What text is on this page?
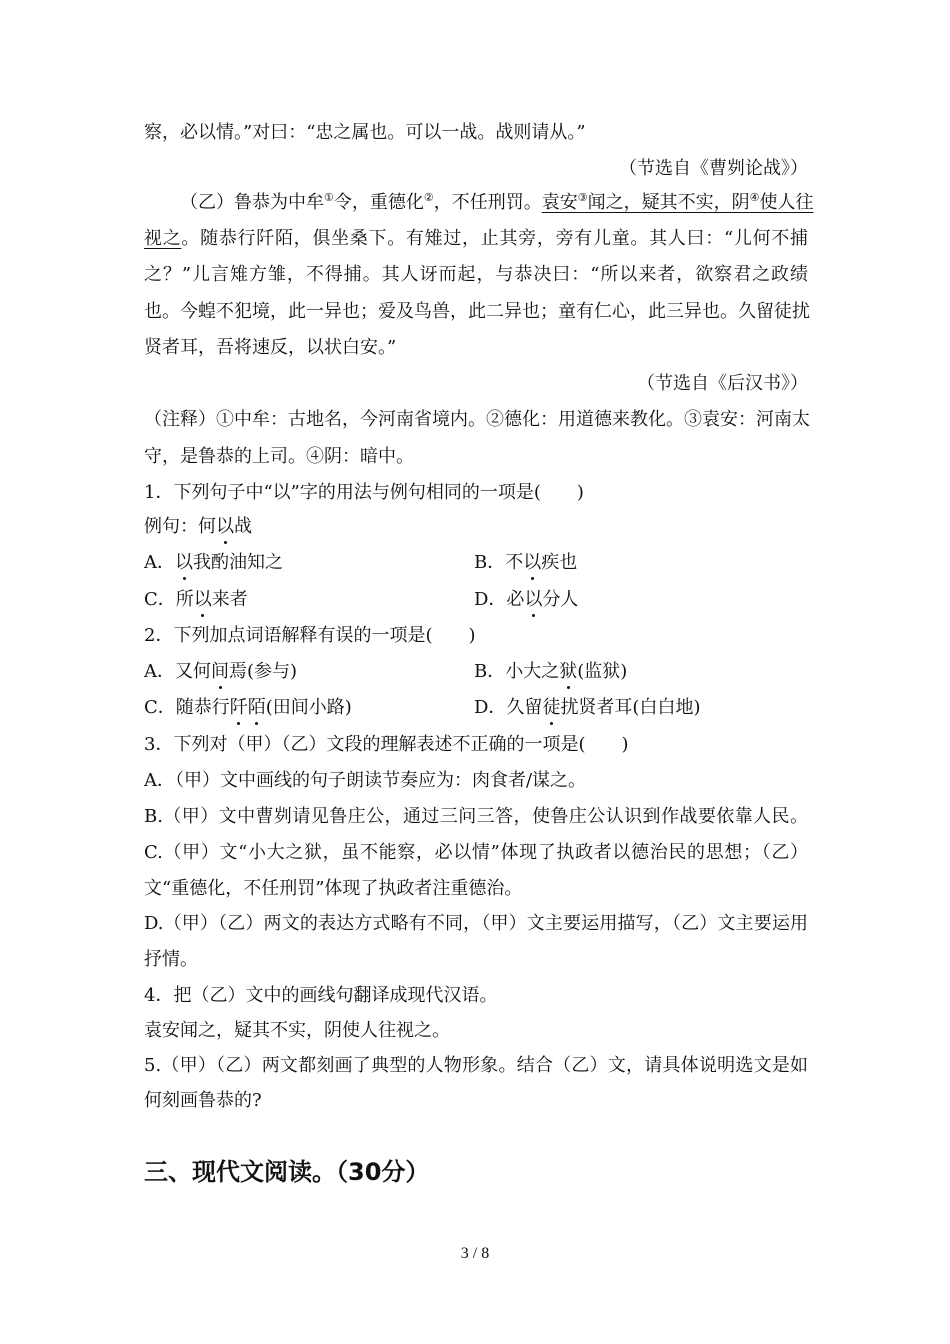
察，必以情。”对曰：“忠之属也。可以一战。战则请从。”
（节选自《曹刿论战》）
（乙）鲁恭为中牟①令，重德化②，不任刑罚。袁安③闻之，疑其不实，阴④使人往
视之。随恭行阡陌，俱坐桑下。有雉过，止其旁，旁有儿童。其人曰：“儿何不捕
之？”儿言雉方雏，不得捕。其人讶而起，与恭决曰：“所以来者，欲察君之政绩
也。今蝗不犯境，此一异也；爱及鸟兽，此二异也；童有仁心，此三异也。久留徒扰
贤者耳，吾将速反，以状白安。”
（节选自《后汉书》）
（注释）①中牟：古地名，今河南省境内。②德化：用道德来教化。③袁安：河南太
守，是鲁恭的上司。④阴：暗中。
1．下列句子中“以”字的用法与例句相同的一项是(　　)
例句：何以战
A．以我酌油知之	B．不以疾也
C．所以来者	D．必以分人
2．下列加点词语解释有误的一项是(　　)
A．又何间焉(参与)	B．小大之狱(监狱)
C．随恭行阡陌(田间小路)	D．久留徒扰贤者耳(白白地)
3．下列对（甲）（乙）文段的理解表述不正确的一项是(　　)
A．（甲）文中画线的句子朗读节奏应为：肉食者/谋之。
B.（甲）文中曹刿请见鲁庄公，通过三问三答，使鲁庄公认识到作战要依靠人民。
C.（甲）文“小大之狱，虽不能察，必以情”体现了执政者以德治民的思想；（乙）
文“重德化，不任刑罚”体现了执政者注重德治。
D.（甲）（乙）两文的表达方式略有不同，（甲）文主要运用描写，（乙）文主要运用
抒情。
4．把（乙）文中的画线句翻译成现代汉语。
袁安闻之，疑其不实，阴使人往视之。
5.（甲）（乙）两文都刻画了典型的人物形象。结合（乙）文，请具体说明选文是如
何刻画鲁恭的?
三、现代文阅读。（30分）
3 / 8
